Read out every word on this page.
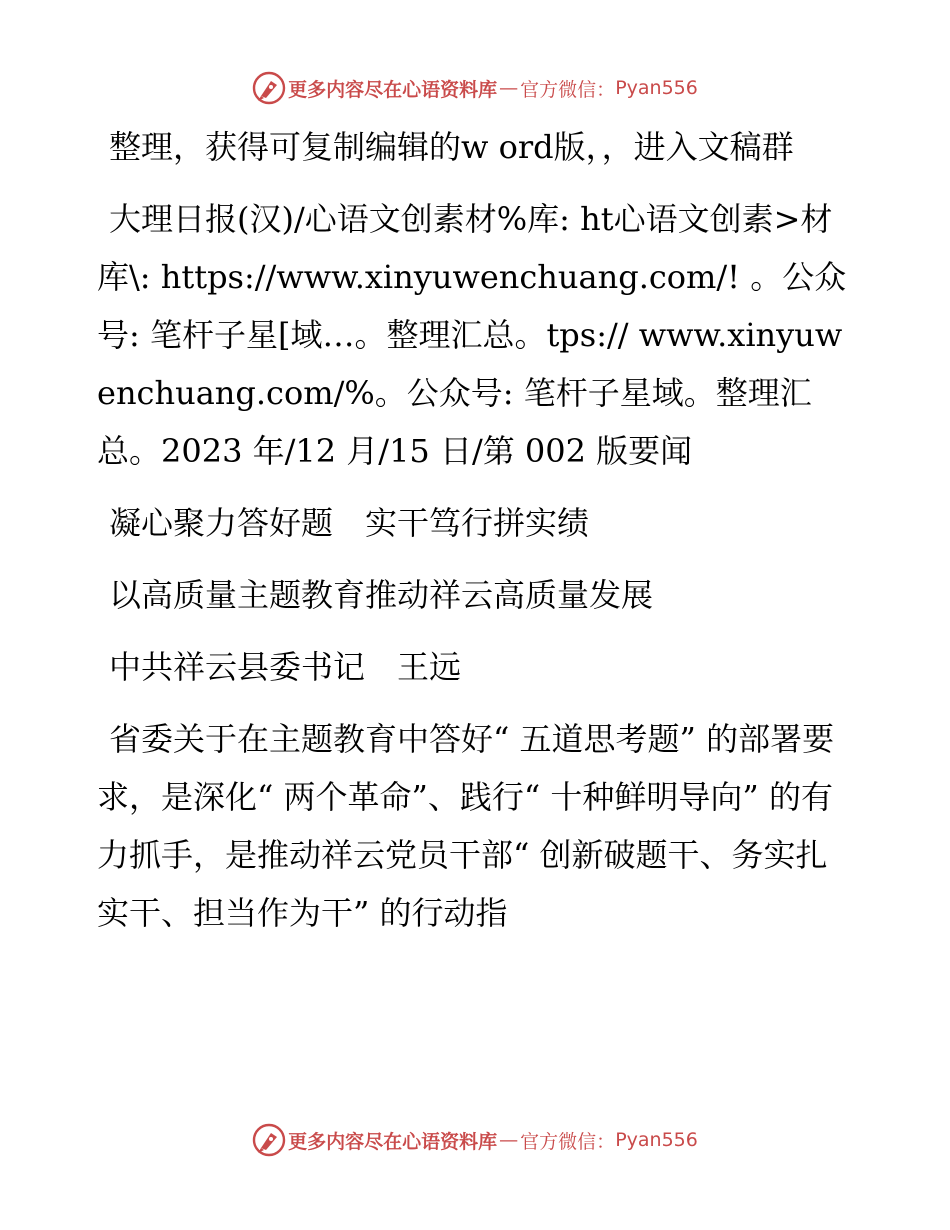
更多内容尽在心语资料库 — 官方微信： Pyan556

整理，获得可复制编辑的w ord版，，进入文稿群

大理日报(汉)/心语文创素材%库: ht心语文创素>材库\: https://www.xinyuwenchuang.com/! 。公众号: 笔杆子星[域…。整理汇总。tps:// www.xinyuwenchuang.com/%。公众号: 笔杆子星域。整理汇总。2023 年/12 月/15 日/第 002 版要闻

凝心聚力答好题　实干笃行拼实绩

以高质量主题教育推动祥云高质量发展

中共祥云县委书记　王远

省委关于在主题教育中答好“ 五道思考题” 的部署要求，是深化“ 两个革命”、践行“ 十种鲜明导向” 的有力抓手，是推动祥云党员干部“ 创新破题干、务实扎实干、担当作为干” 的行动指

更多内容尽在心语资料库 — 官方微信： Pyan556
